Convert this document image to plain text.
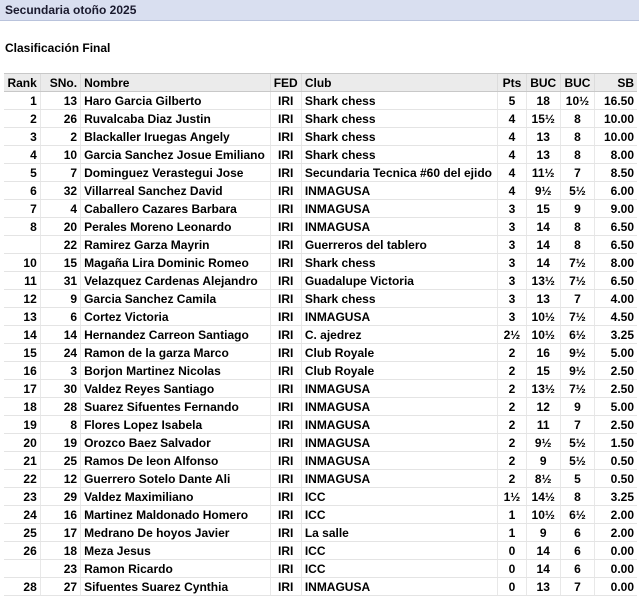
Secundaria otoño 2025
Clasificación Final
Rank	SNo.	Nombre	FED	Club	Pts	BUC	BUC	SB
1	13	Haro Garcia Gilberto	IRI	Shark chess	5	18	10½	16.50
2	26	Ruvalcaba Diaz Justin	IRI	Shark chess	4	15½	8	10.00
3	2	Blackaller Iruegas Angely	IRI	Shark chess	4	13	8	10.00
4	10	Garcia Sanchez Josue Emiliano	IRI	Shark chess	4	13	8	8.00
5	7	Dominguez Verastegui Jose	IRI	Secundaria Tecnica #60 del ejido	4	11½	7	8.50
6	32	Villarreal Sanchez David	IRI	INMAGUSA	4	9½	5½	6.00
7	4	Caballero Cazares Barbara	IRI	INMAGUSA	3	15	9	9.00
8	20	Perales Moreno Leonardo	IRI	INMAGUSA	3	14	8	6.50
	22	Ramirez Garza Mayrin	IRI	Guerreros del tablero	3	14	8	6.50
10	15	Magaña Lira Dominic Romeo	IRI	Shark chess	3	14	7½	8.00
11	31	Velazquez Cardenas Alejandro	IRI	Guadalupe Victoria	3	13½	7½	6.50
12	9	Garcia Sanchez Camila	IRI	Shark chess	3	13	7	4.00
13	6	Cortez Victoria	IRI	INMAGUSA	3	10½	7½	4.50
14	14	Hernandez Carreon Santiago	IRI	C. ajedrez	2½	10½	6½	3.25
15	24	Ramon de la garza Marco	IRI	Club Royale	2	16	9½	5.00
16	3	Borjon Martinez Nicolas	IRI	Club Royale	2	15	9½	2.50
17	30	Valdez Reyes Santiago	IRI	INMAGUSA	2	13½	7½	2.50
18	28	Suarez Sifuentes Fernando	IRI	INMAGUSA	2	12	9	5.00
19	8	Flores Lopez Isabela	IRI	INMAGUSA	2	11	7	2.50
20	19	Orozco Baez Salvador	IRI	INMAGUSA	2	9½	5½	1.50
21	25	Ramos De leon Alfonso	IRI	INMAGUSA	2	9	5½	0.50
22	12	Guerrero Sotelo Dante Ali	IRI	INMAGUSA	2	8½	5	0.50
23	29	Valdez Maximiliano	IRI	ICC	1½	14½	8	3.25
24	16	Martinez Maldonado Homero	IRI	ICC	1	10½	6½	2.00
25	17	Medrano De hoyos Javier	IRI	La salle	1	9	6	2.00
26	18	Meza Jesus	IRI	ICC	0	14	6	0.00
	23	Ramon Ricardo	IRI	ICC	0	14	6	0.00
28	27	Sifuentes Suarez Cynthia	IRI	INMAGUSA	0	13	7	0.00
